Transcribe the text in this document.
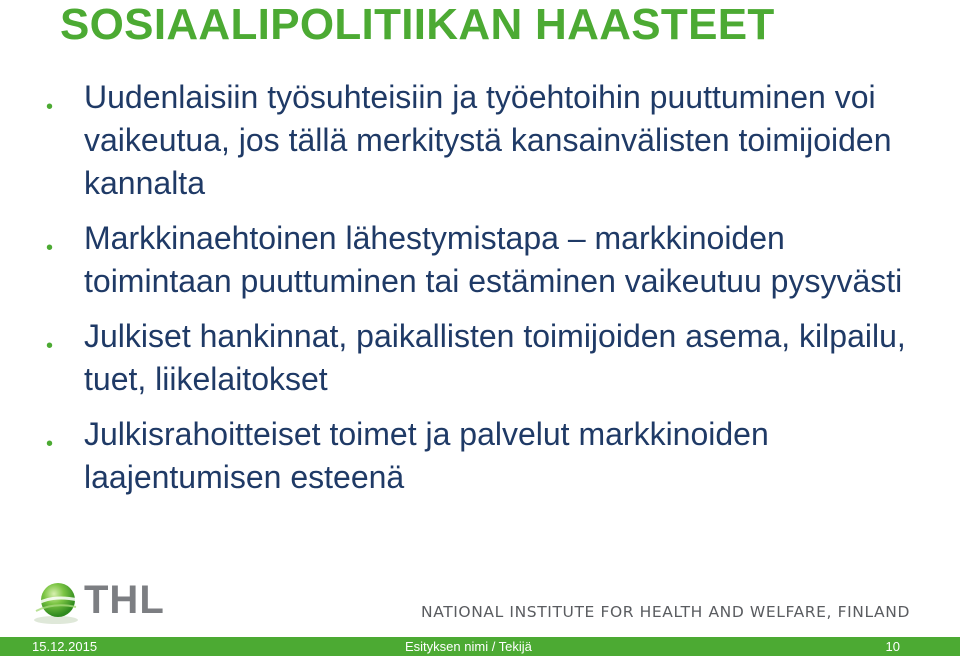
SOSIAALIPOLITIIKAN HAASTEET
• Uudenlaisiin työsuhteisiin ja työehtoihin puuttuminen voi vaikeutua, jos tällä merkitystä kansainvälisten toimijoiden kannalta
• Markkinaehtoinen lähestymistapa – markkinoiden toimintaan puuttuminen tai estäminen vaikeutuu pysyvästi
• Julkiset hankinnat, paikallisten toimijoiden asema, kilpailu, tuet, liikelaitokset
• Julkisrahoitteiset toimet ja palvelut markkinoiden laajentumisen esteenä
THL	NATIONAL INSTITUTE FOR HEALTH AND WELFARE, FINLAND
15.12.2015	Esityksen nimi / Tekijä	10
